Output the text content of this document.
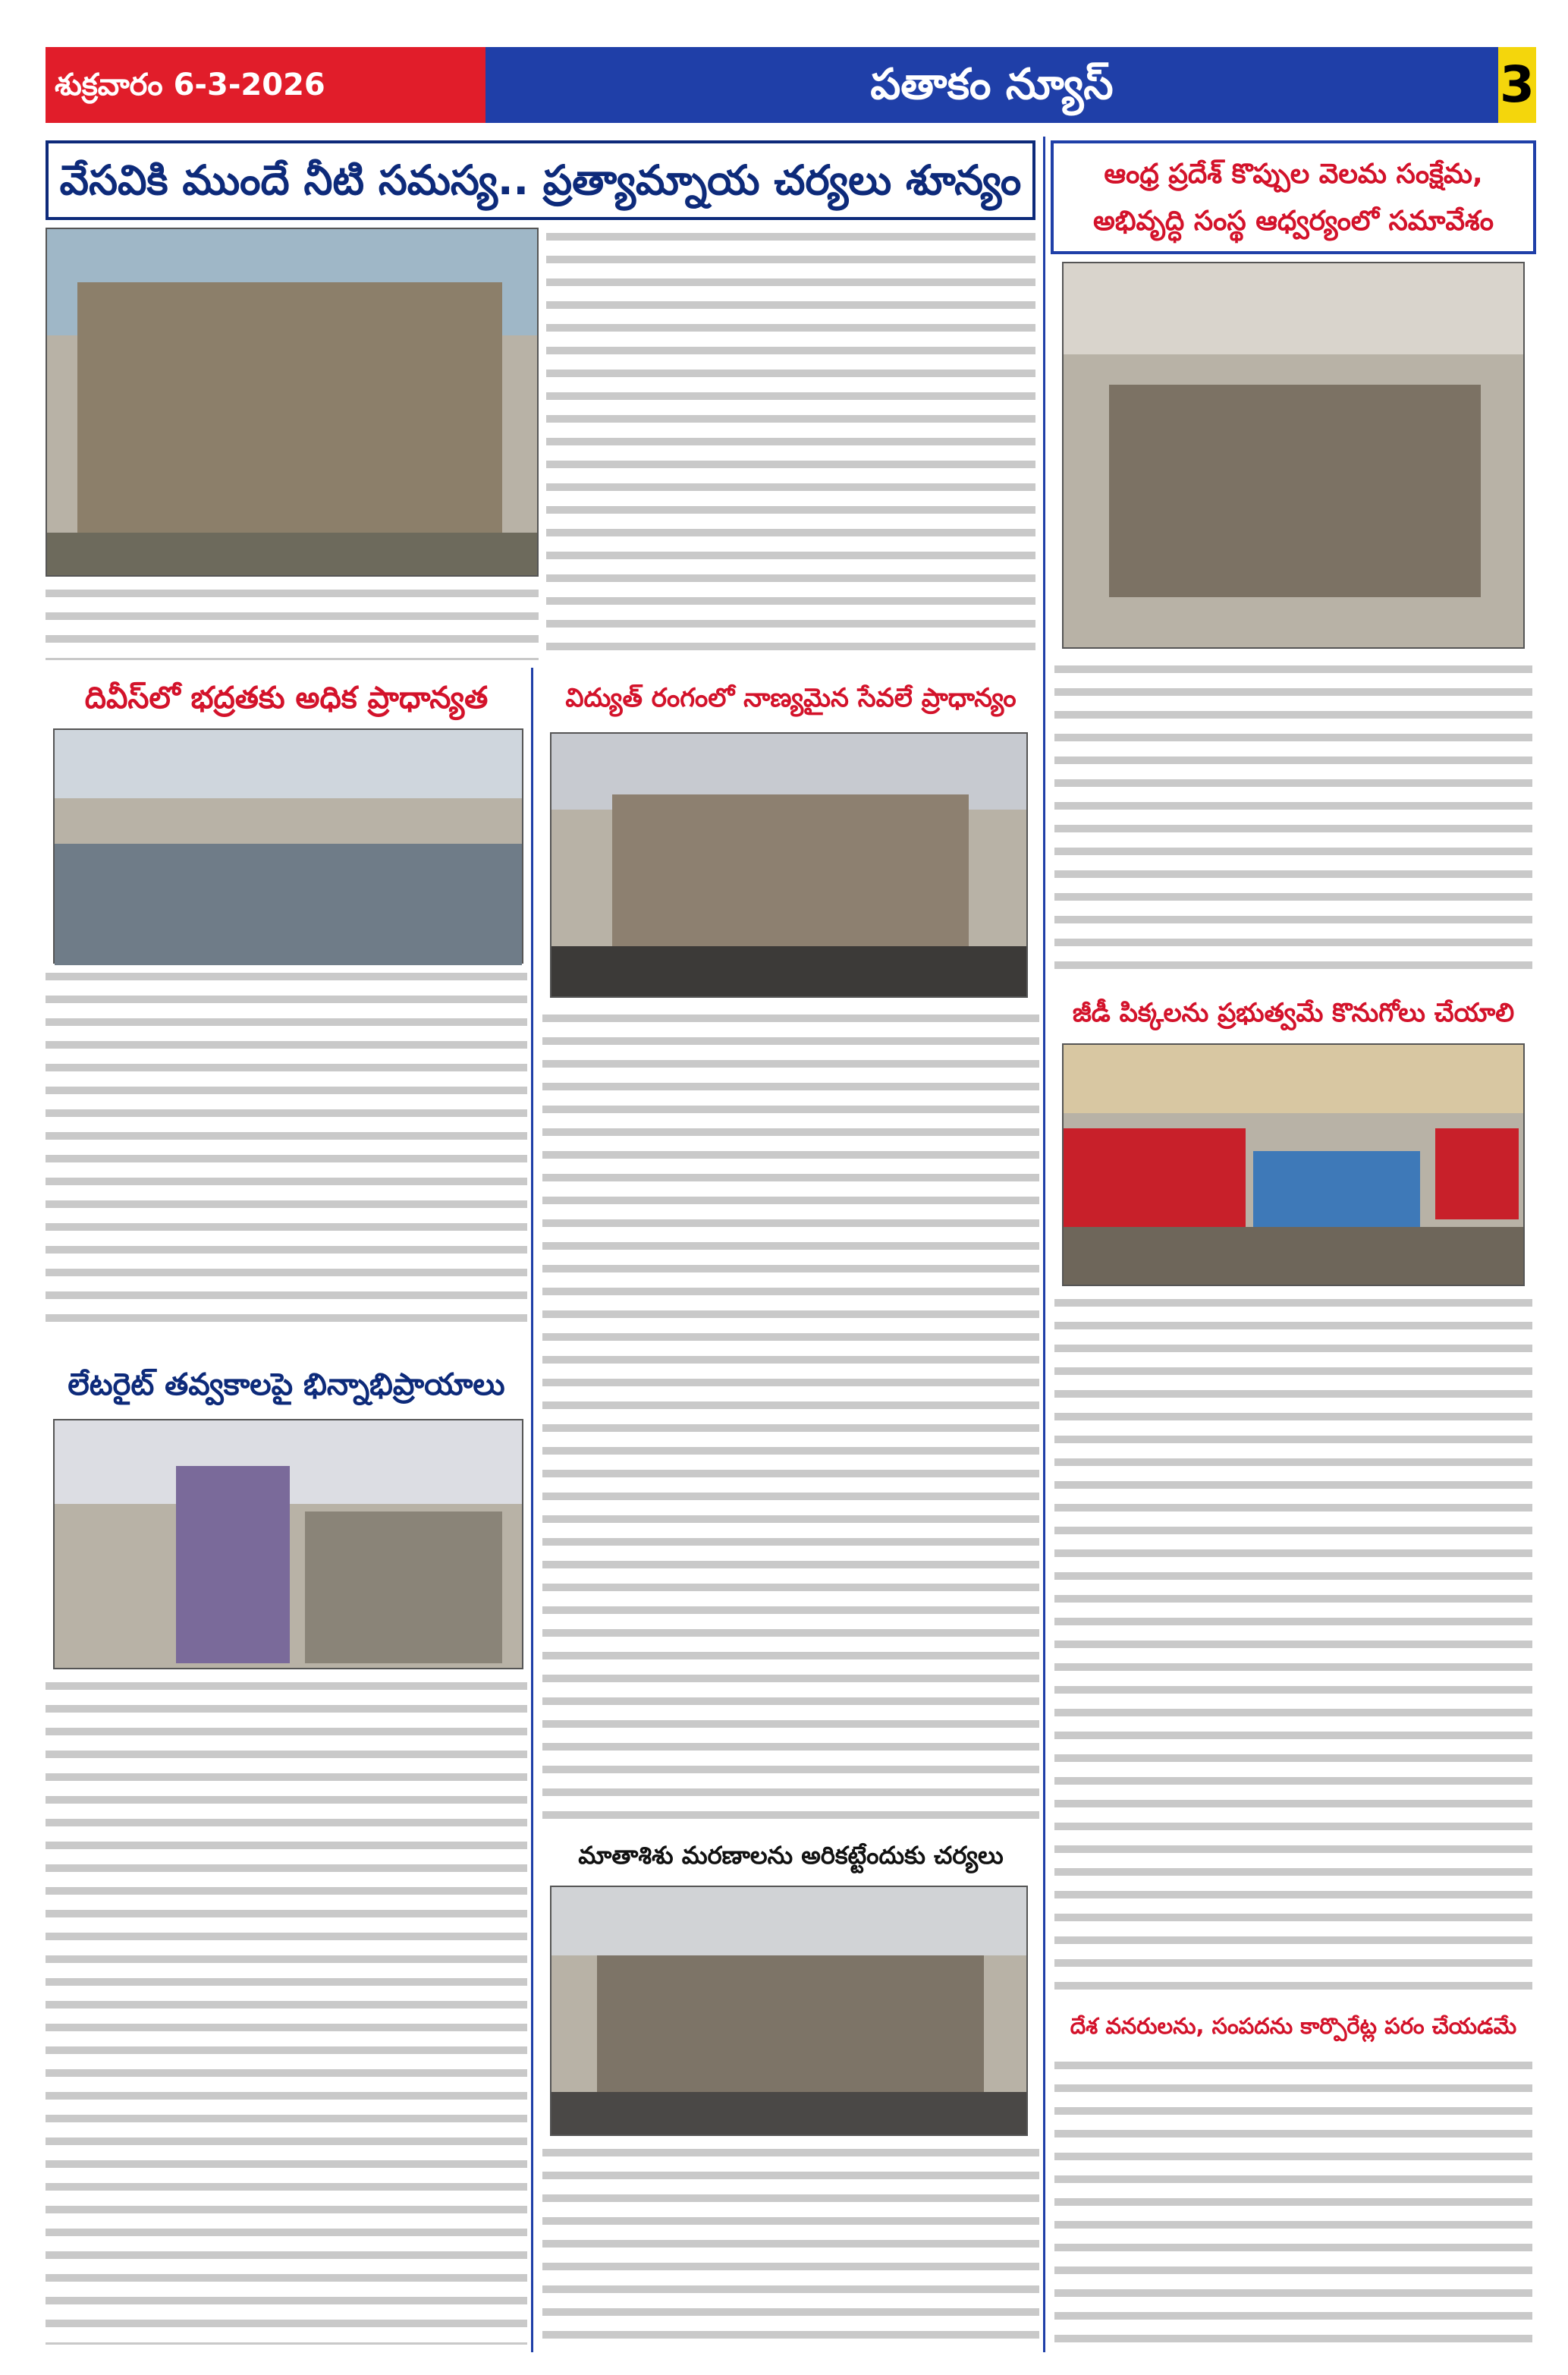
శుక్రవారం 6-3-2026	పతాకం న్యూస్	3
వేసవికి ముందే నీటి సమస్య.. ప్రత్యామ్నాయ చర్యలు శూన్యం	ఆంధ్ర ప్రదేశ్ కొప్పుల వెలమ సంక్షేమ,
అభివృద్ధి సంస్థ ఆధ్వర్యంలో సమావేశం
దివీస్‌లో భద్రతకు అధిక ప్రాధాన్యత	విద్యుత్ రంగంలో నాణ్యమైన సేవలే ప్రాధాన్యం
లేటరైట్ తవ్వకాలపై భిన్నాభిప్రాయాలు
మాతాశిశు మరణాలను అరికట్టేందుకు చర్యలు
జీడీ పిక్కలను ప్రభుత్వమే కొనుగోలు చేయాలి
దేశ వనరులను, సంపదను కార్పొరేట్ల పరం చేయడమే
